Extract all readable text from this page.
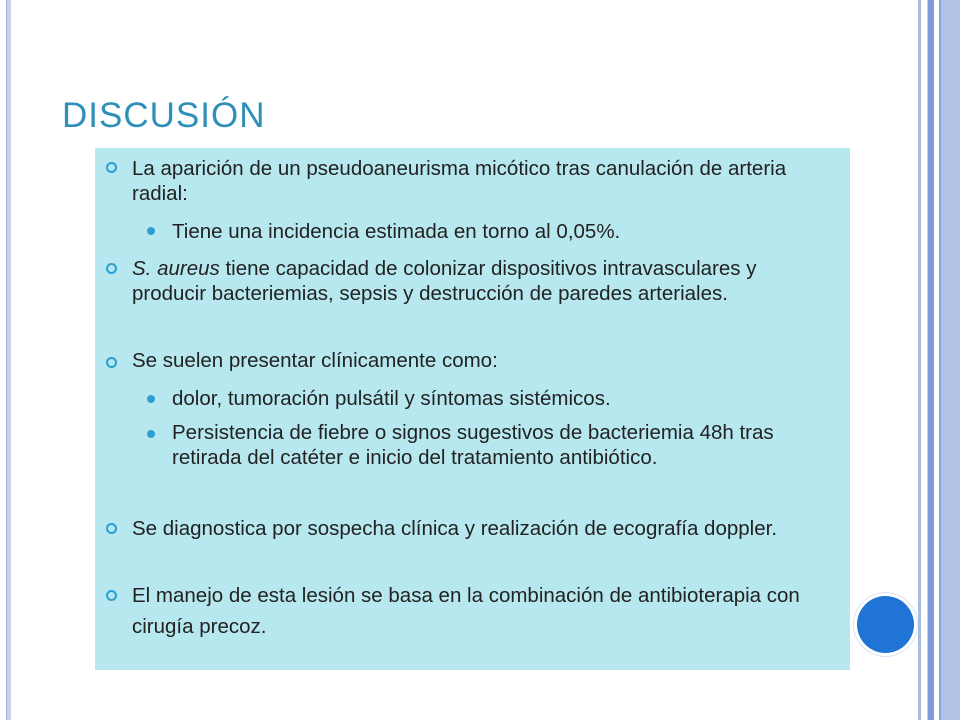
DISCUSIÓN
La aparición de un pseudoaneurisma micótico tras canulación de arteria radial:
Tiene una incidencia estimada en torno al 0,05%.
S. aureus tiene capacidad de colonizar dispositivos intravasculares y producir bacteriemias, sepsis y destrucción de paredes arteriales.
Se suelen presentar clínicamente como:
dolor, tumoración pulsátil y síntomas sistémicos.
Persistencia de fiebre o signos sugestivos de bacteriemia 48h tras retirada del catéter e inicio del tratamiento antibiótico.
Se diagnostica por sospecha clínica y realización de ecografía doppler.
El manejo de esta lesión se basa en la combinación de antibioterapia con cirugía precoz.
